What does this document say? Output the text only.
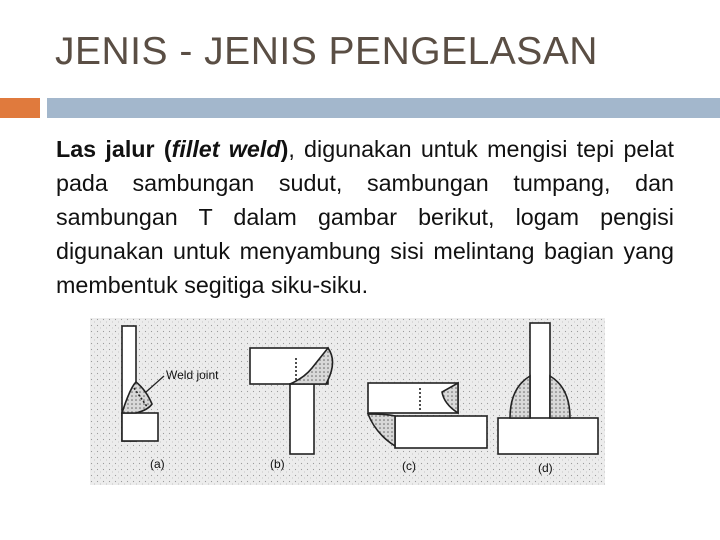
JENIS - JENIS PENGELASAN

Las jalur (fillet weld), digunakan untuk mengisi tepi pelat pada sambungan sudut, sambungan tumpang, dan sambungan T dalam gambar berikut, logam pengisi digunakan untuk menyambung sisi melintang bagian yang membentuk segitiga siku-siku.

Weld joint
(a)	(b)	(c)	(d)
